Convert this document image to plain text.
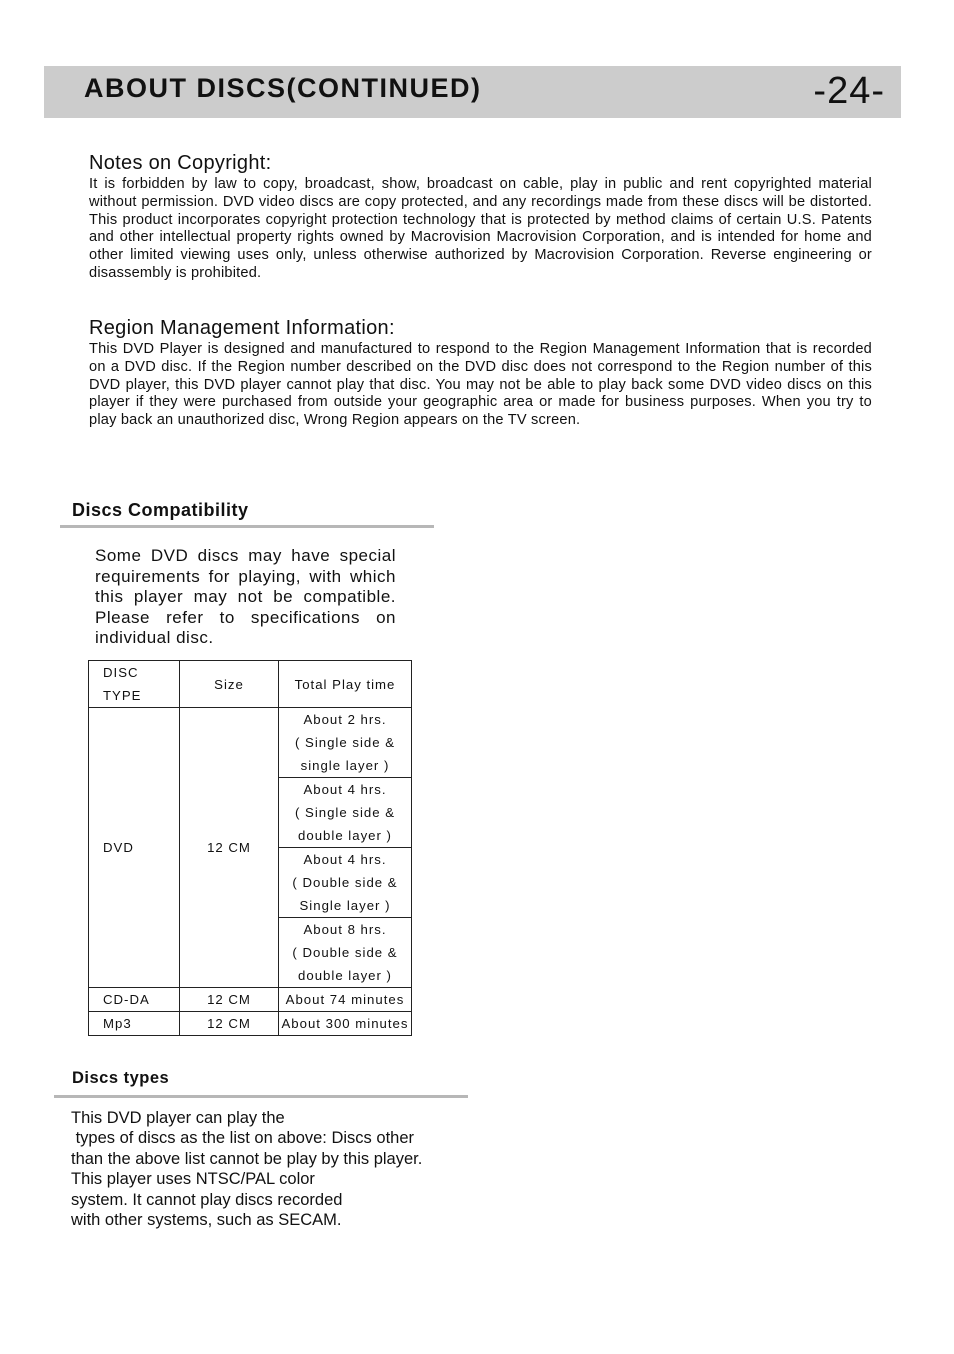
ABOUT DISCS(CONTINUED)	-24-
Notes on Copyright:
It is forbidden by law to copy, broadcast, show, broadcast on cable, play in public and rent copyrighted material without permission. DVD video discs are copy protected, and any recordings made from these discs will be distorted. This product incorporates copyright protection technology that is protected by method claims of certain U.S. Patents and other intellectual property rights owned by Macrovision Macrovision Corporation, and is intended for home and other limited viewing uses only, unless otherwise authorized by Macrovision Corporation. Reverse engineering or disassembly is prohibited.
Region Management Information:
This DVD Player is designed and manufactured to respond to the Region Management Information that is recorded on a DVD disc. If the Region number described on the DVD disc does not correspond to the Region number of this DVD player, this DVD player cannot play that disc. You may not be able to play back some DVD video discs on this player if they were purchased from outside your geographic area or made for business purposes. When you try to play back an unauthorized disc, Wrong Region appears on the TV screen.
Discs Compatibility
Some DVD discs may have special requirements for playing, with which this player may not be compatible. Please refer to specifications on individual disc.
DISC
TYPE	Size	Total Play time
DVD	12 CM	About 2 hrs.
( Single side &
single layer )

		About 4 hrs.
( Single side &
double layer )

		About 4 hrs.
( Double side &
Single layer )

		About 8 hrs.
( Double side &
double layer )

CD-DA	12 CM	About 74 minutes
Mp3	12 CM	About 300 minutes
Discs types
This DVD player can play the
types of discs as the list on above: Discs other
than the above list cannot be play by this player.
This player uses NTSC/PAL color
system. It cannot play discs recorded
with other systems, such as SECAM.
